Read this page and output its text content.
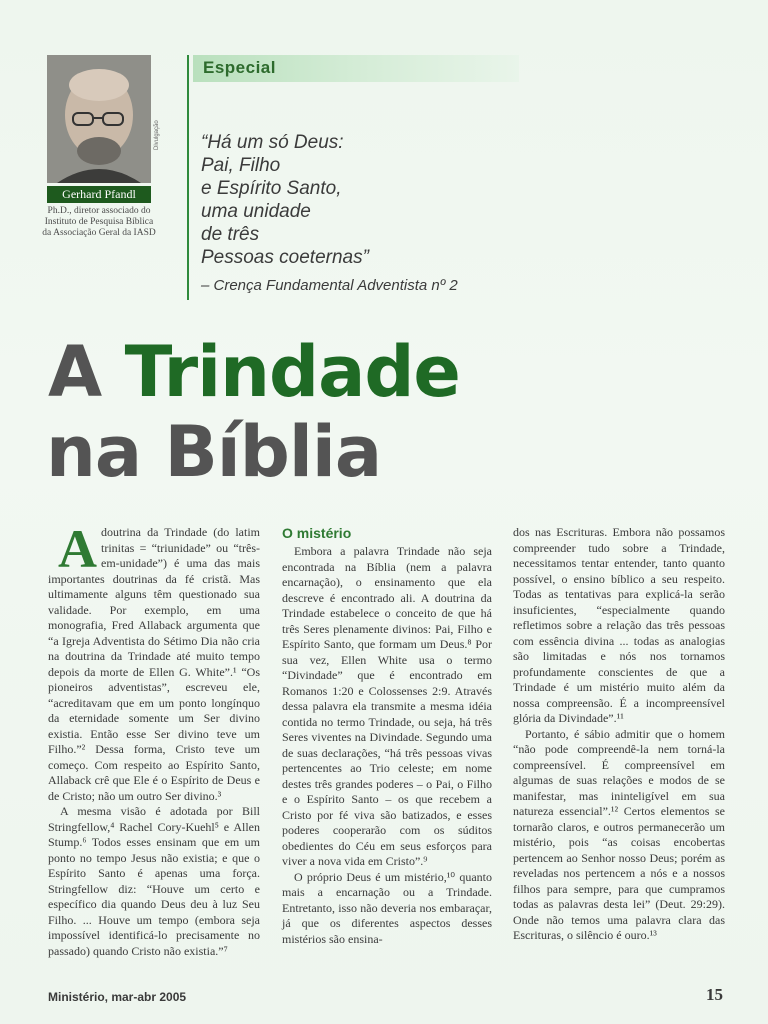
Divulgação
Gerhard Pfandl
Ph.D., diretor associado do Instituto de Pesquisa Bíblica da Associação Geral da IASD
Especial
“Há um só Deus:
Pai, Filho
e Espírito Santo,
uma unidade
de três
Pessoas coeternas”
– Crença Fundamental Adventista nº 2
A Trindade
na Bíblia
A doutrina da Trindade (do latim trinitas = “triunidade” ou “três-em-unidade”) é uma das mais importantes doutrinas da fé cristã. Mas ultimamente alguns têm questionado sua validade. Por exemplo, em uma monografia, Fred Allaback argumenta que “a Igreja Adventista do Sétimo Dia não cria na doutrina da Trindade até muito tempo depois da morte de Ellen G. White”.¹ “Os pioneiros adventistas”, escreveu ele, “acreditavam que em um ponto longínquo da eternidade somente um Ser divino existia. Então esse Ser divino teve um Filho.”² Dessa forma, Cristo teve um começo. Com respeito ao Espírito Santo, Allaback crê que Ele é o Espírito de Deus e de Cristo; não um outro Ser divino.³

A mesma visão é adotada por Bill Stringfellow,⁴ Rachel Cory-Kuehl⁵ e Allen Stump.⁶ Todos esses ensinam que em um ponto no tempo Jesus não existia; e que o Espírito Santo é apenas uma força. Stringfellow diz: “Houve um certo e específico dia quando Deus deu à luz Seu Filho. ... Houve um tempo (embora seja impossível identificá-lo precisamente no passado) quando Cristo não existia.”⁷

O mistério

Embora a palavra Trindade não seja encontrada na Bíblia (nem a palavra encarnação), o ensinamento que ela descreve é encontrado ali. A doutrina da Trindade estabelece o conceito de que há três Seres plenamente divinos: Pai, Filho e Espírito Santo, que formam um Deus.⁸ Por sua vez, Ellen White usa o termo “Divindade” que é encontrado em Romanos 1:20 e Colossenses 2:9. Através dessa palavra ela transmite a mesma idéia contida no termo Trindade, ou seja, há três Seres viventes na Divindade. Segundo uma de suas declarações, “há três pessoas vivas pertencentes ao Trio celeste; em nome destes três grandes poderes – o Pai, o Filho e o Espírito Santo – os que recebem a Cristo por fé viva são batizados, e esses poderes cooperarão com os súditos obedientes do Céu em seus esforços para viver a nova vida em Cristo”.⁹

O próprio Deus é um mistério,¹⁰ quanto mais a encarnação ou a Trindade. Entretanto, isso não deveria nos embaraçar, já que os diferentes aspectos desses mistérios são ensina-

dos nas Escrituras. Embora não possamos compreender tudo sobre a Trindade, necessitamos tentar entender, tanto quanto possível, o ensino bíblico a seu respeito. Todas as tentativas para explicá-la serão insuficientes, “especialmente quando refletimos sobre a relação das três pessoas com essência divina ... todas as analogias são limitadas e nós nos tornamos profundamente conscientes de que a Trindade é um mistério muito além da nossa compreensão. É a incompreensível glória da Divindade”.¹¹

Portanto, é sábio admitir que o homem “não pode compreendê-la nem torná-la compreensível. É compreensível em algumas de suas relações e modos de se manifestar, mas ininteligível em sua natureza essencial”.¹² Certos elementos se tornarão claros, e outros permanecerão um mistério, pois “as coisas encobertas pertencem ao Senhor nosso Deus; porém as reveladas nos pertencem a nós e a nossos filhos para sempre, para que cumpramos todas as palavras desta lei” (Deut. 29:29). Onde não temos uma palavra clara das Escrituras, o silêncio é ouro.¹³

Ministério, mar-abr 2005	15
